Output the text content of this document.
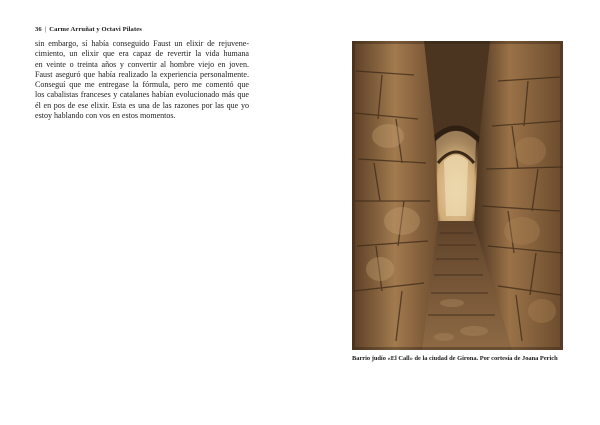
36 | Carme Arruñat y Octavi Pilates
sin embargo, sí había conseguido Faust un elixir de rejuvene-
cimiento, un elixir que era capaz de revertir la vida humana
en veinte o treinta años y convertir al hombre viejo en joven.
Faust aseguró que había realizado la experiencia personalmente.
Conseguí que me entregase la fórmula, pero me comentó que
los cabalistas franceses y catalanes habían evolucionado más que
él en pos de ese elixir. Esta es una de las razones por las que yo
estoy hablando con vos en estos momentos.
Barrio judío «El Call» de la ciudad de Girona. Por cortesía de Joana Perich
